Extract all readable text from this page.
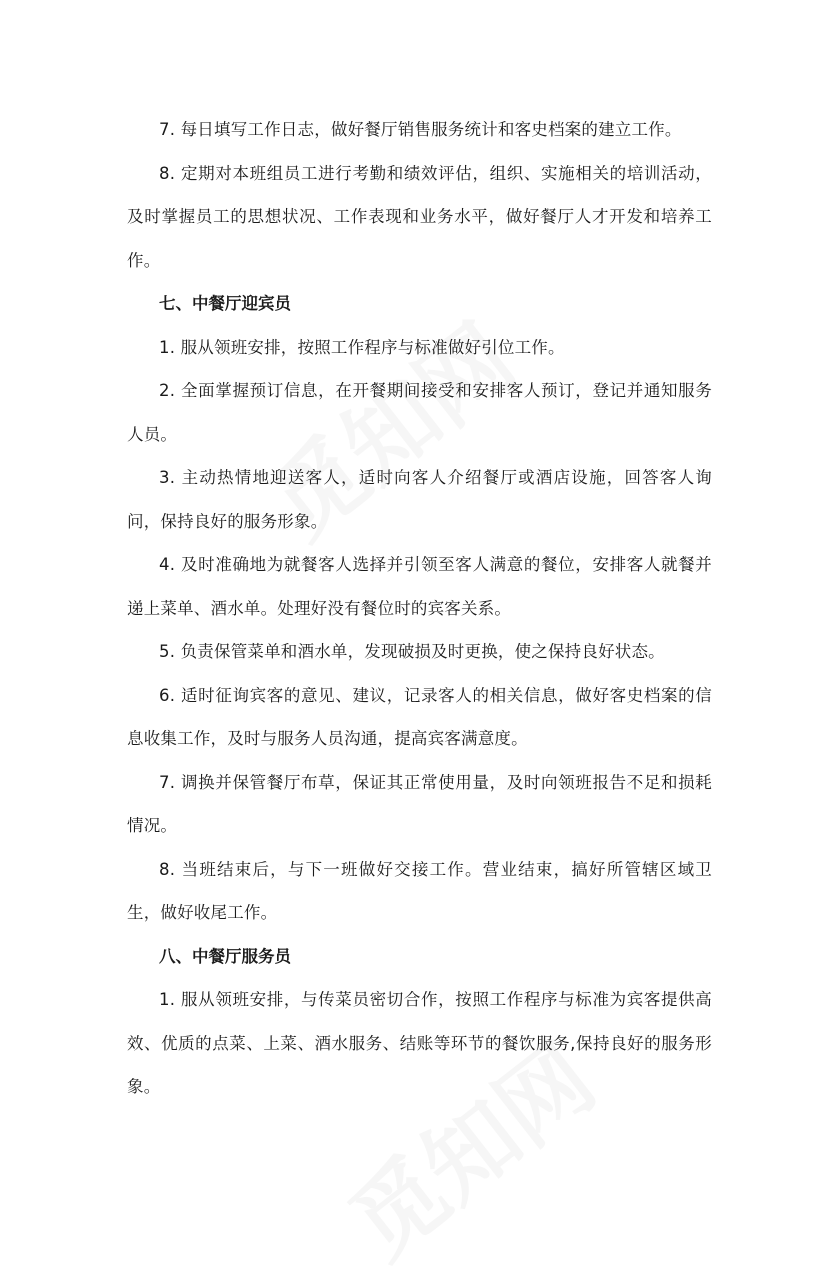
7. 每日填写工作日志，做好餐厅销售服务统计和客史档案的建立工作。

8. 定期对本班组员工进行考勤和绩效评估，组织、实施相关的培训活动，及时掌握员工的思想状况、工作表现和业务水平，做好餐厅人才开发和培养工作。

七、中餐厅迎宾员

1. 服从领班安排，按照工作程序与标准做好引位工作。

2. 全面掌握预订信息，在开餐期间接受和安排客人预订，登记并通知服务人员。

3. 主动热情地迎送客人，适时向客人介绍餐厅或酒店设施，回答客人询问，保持良好的服务形象。

4. 及时准确地为就餐客人选择并引领至客人满意的餐位，安排客人就餐并递上菜单、酒水单。处理好没有餐位时的宾客关系。

5. 负责保管菜单和酒水单，发现破损及时更换，使之保持良好状态。

6. 适时征询宾客的意见、建议，记录客人的相关信息，做好客史档案的信息收集工作，及时与服务人员沟通，提高宾客满意度。

7. 调换并保管餐厅布草，保证其正常使用量，及时向领班报告不足和损耗情况。

8. 当班结束后，与下一班做好交接工作。营业结束，搞好所管辖区域卫生，做好收尾工作。

八、中餐厅服务员

1. 服从领班安排，与传菜员密切合作，按照工作程序与标准为宾客提供高效、优质的点菜、上菜、酒水服务、结账等环节的餐饮服务,保持良好的服务形象。
